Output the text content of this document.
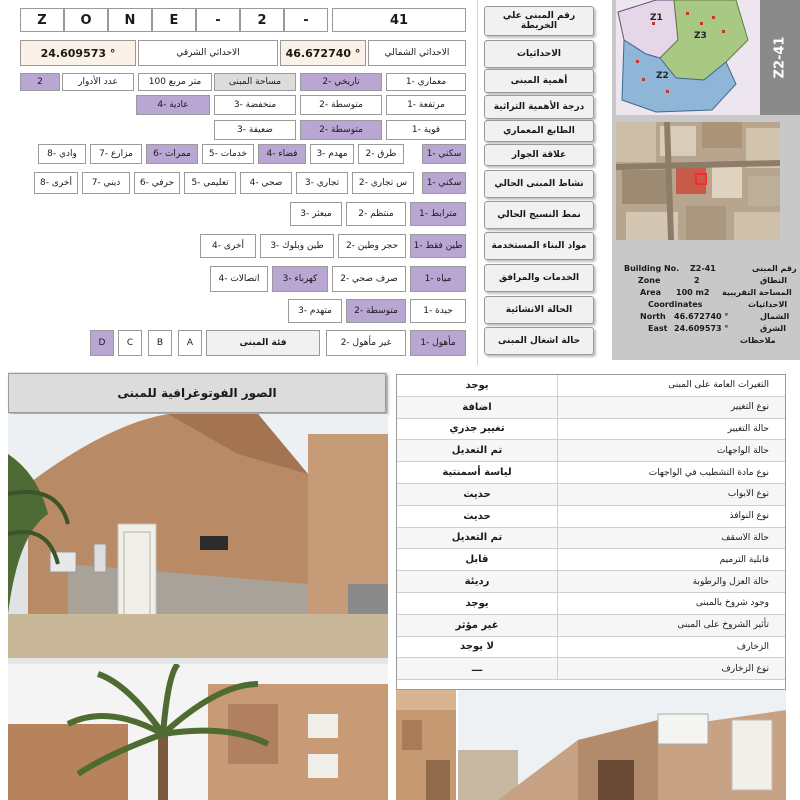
Z	O	N	E	-	2	-	41
24.609573 °	الاحداثي الشرقي	46.672740 °	الاحداثي الشمالي
2	عدد الأدوار	100 متر مربع	مساحة المبنى	2- تاريخي	1- معماري
4- عادية	3- منخفضة	2- متوسطة	1- مرتفعة
3- ضعيفة	2- متوسطة	1- قوية
8- وادي	7- مزارع	6- ممرات	5- خدمات	4- فضاء	3- مهدم	2- طرق	1- سكني
8- أخرى	7- ديني	6- حرفي	5- تعليمي	4- صحي	3- تجاري	2- س تجاري	1- سكني
3- مبعثر	2- منتظم	1- مترابط
4- أخرى	3- طين وبلوك	2- حجر وطين	1- طين فقط
4- اتصالات	3- كهرباء	2- صرف صحي	1- مياه
3- متهدم	2- متوسطة	1- جيدة
D	C	B	A	فئة المبنى	2- غير مأهول	1- مأهول
رقم المبنى علي الخريطة
الاحداثيات
أهمية المبنى
درجة الأهمية التراثية
الطابع المعماري
علاقة الجوار
نشاط المبنى الحالي
نمط النسيج الحالي
مواد البناء المستخدمة
الخدمات والمرافق
الحالة الانشائية
حالة اشغال المبنى
Z1
Z3
Z2	Z2-41
Building No. Z2-41	رقم المبنى
Zone	2	النطاق
Area 100 m2 المساحة التقريبية
Coordinates	الاحداثيات
North 46.672740 °	الشمال
East 24.609573 °	الشرق
ملاحظات
الصور الفوتوغرافية للمبنى
يوجد	التغيرات العامة على المبنى
اضافة	نوع التغيير
تغيير جذري	حالة التغيير
تم التعديل	حالة الواجهات
لياسة أسمنتية	نوع مادة التشطيب في الواجهات
حديث	نوع الابواب
حديث	نوع النوافذ
تم التعديل	حالة الاسقف
قابل	قابلية الترميم
رديئة	حالة العزل والرطوبة
يوجد	وجود شروخ بالمبنى
غير مؤثر	تأثير الشروخ على المبنى
لا يوجد	الزخارف
ـــ	نوع الزخارف
